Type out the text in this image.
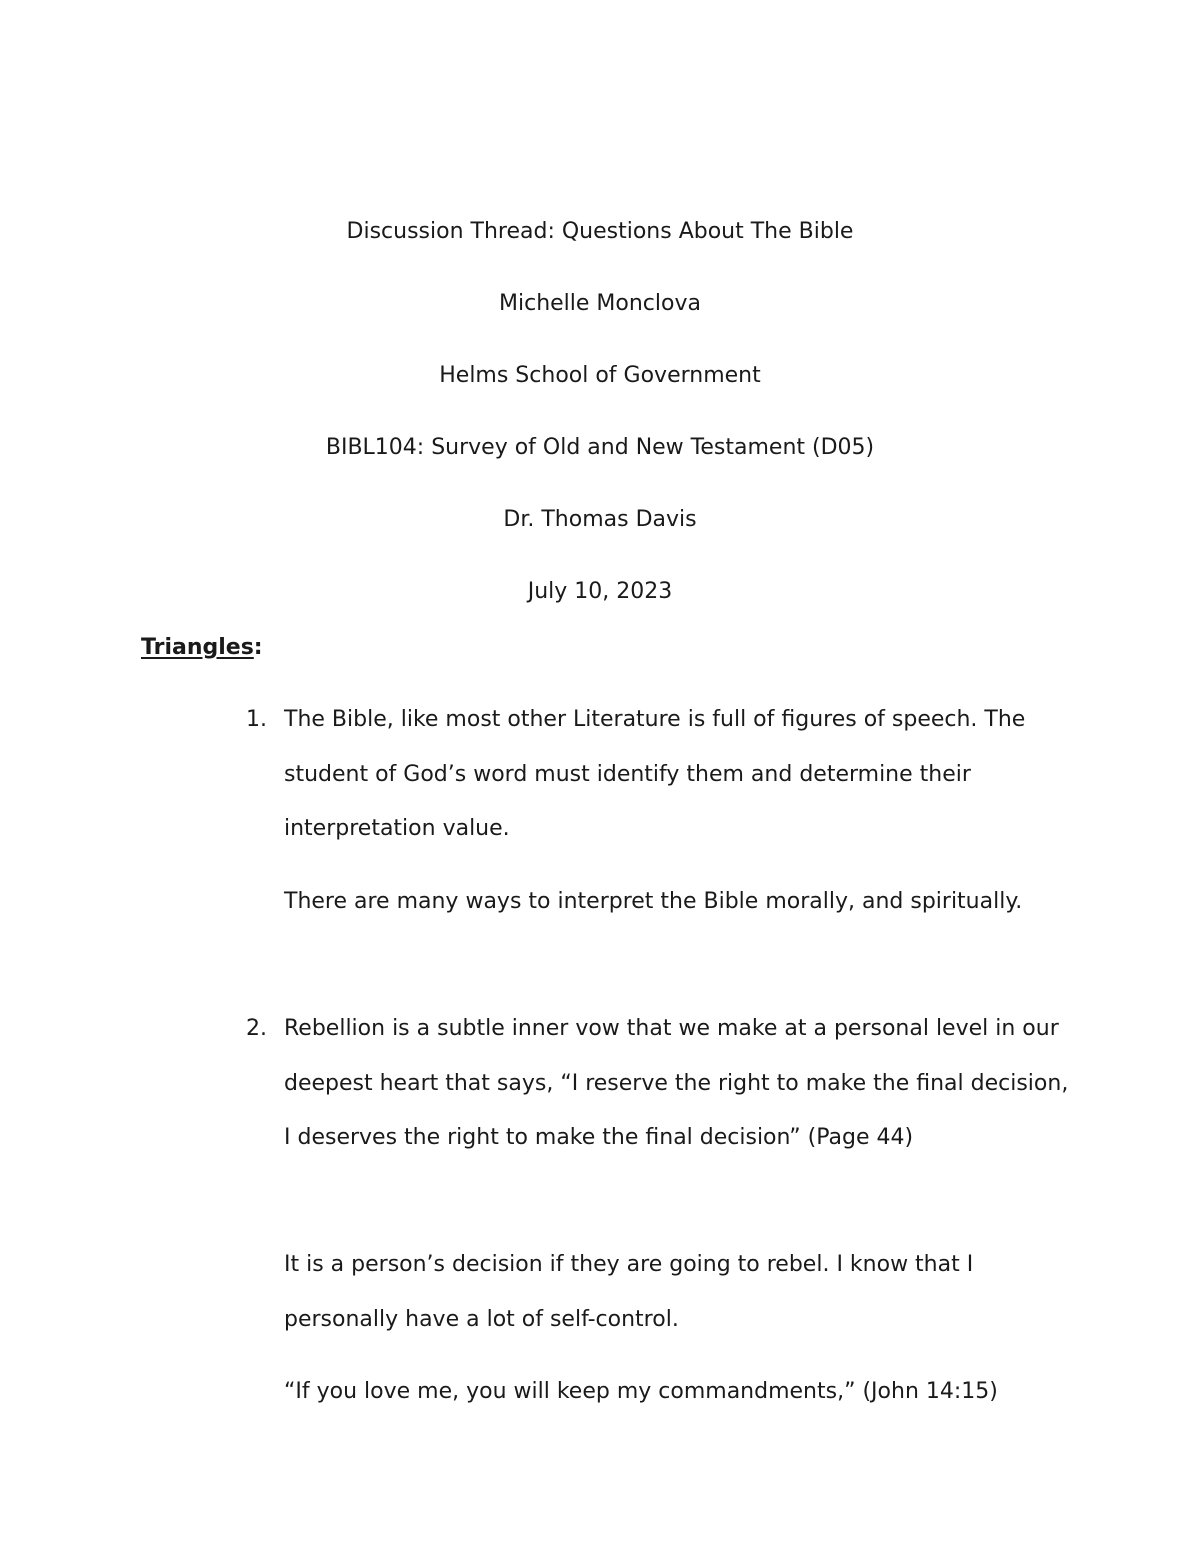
Discussion Thread: Questions About The Bible
Michelle Monclova
Helms School of Government
BIBL104: Survey of Old and New Testament (D05)
Dr. Thomas Davis
July 10, 2023
Triangles:
1. The Bible, like most other Literature is full of figures of speech. The student of God’s word must identify them and determine their interpretation value.
There are many ways to interpret the Bible morally, and spiritually.
2. Rebellion is a subtle inner vow that we make at a personal level in our deepest heart that says, “I reserve the right to make the final decision, I deserves the right to make the final decision” (Page 44)
It is a person’s decision if they are going to rebel. I know that I personally have a lot of self-control.
“If you love me, you will keep my commandments,” (John 14:15)
